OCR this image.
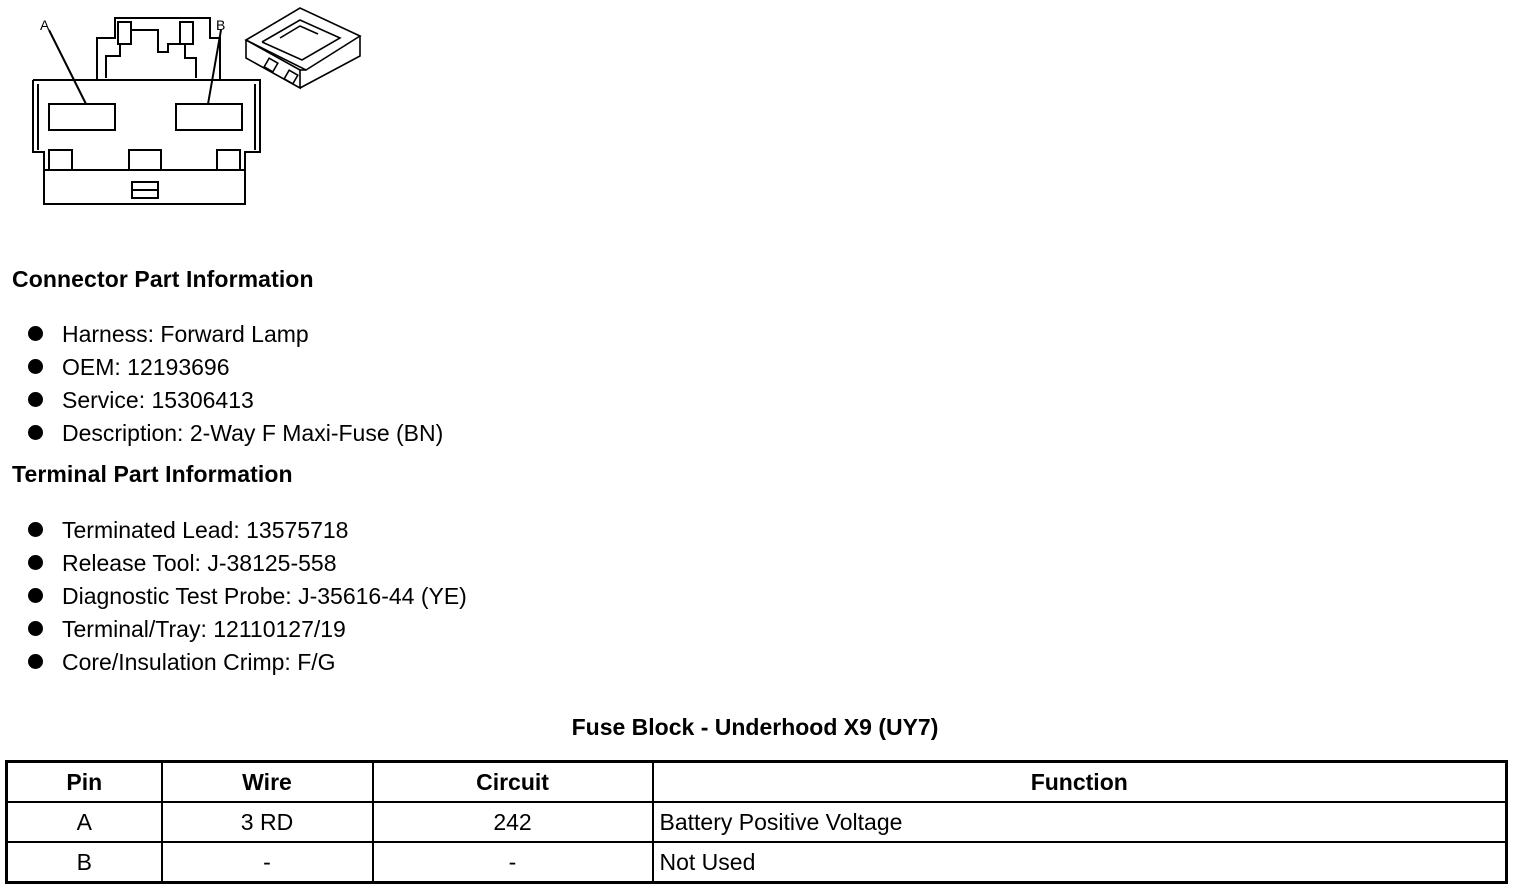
A	B
Connector Part Information
Harness: Forward Lamp
OEM: 12193696
Service: 15306413
Description: 2-Way F Maxi-Fuse (BN)
Terminal Part Information
Terminated Lead: 13575718
Release Tool: J-38125-558
Diagnostic Test Probe: J-35616-44 (YE)
Terminal/Tray: 12110127/19
Core/Insulation Crimp: F/G
Fuse Block - Underhood X9 (UY7)
Pin	Wire	Circuit	Function
A	3 RD	242	Battery Positive Voltage
B	-	-	Not Used
